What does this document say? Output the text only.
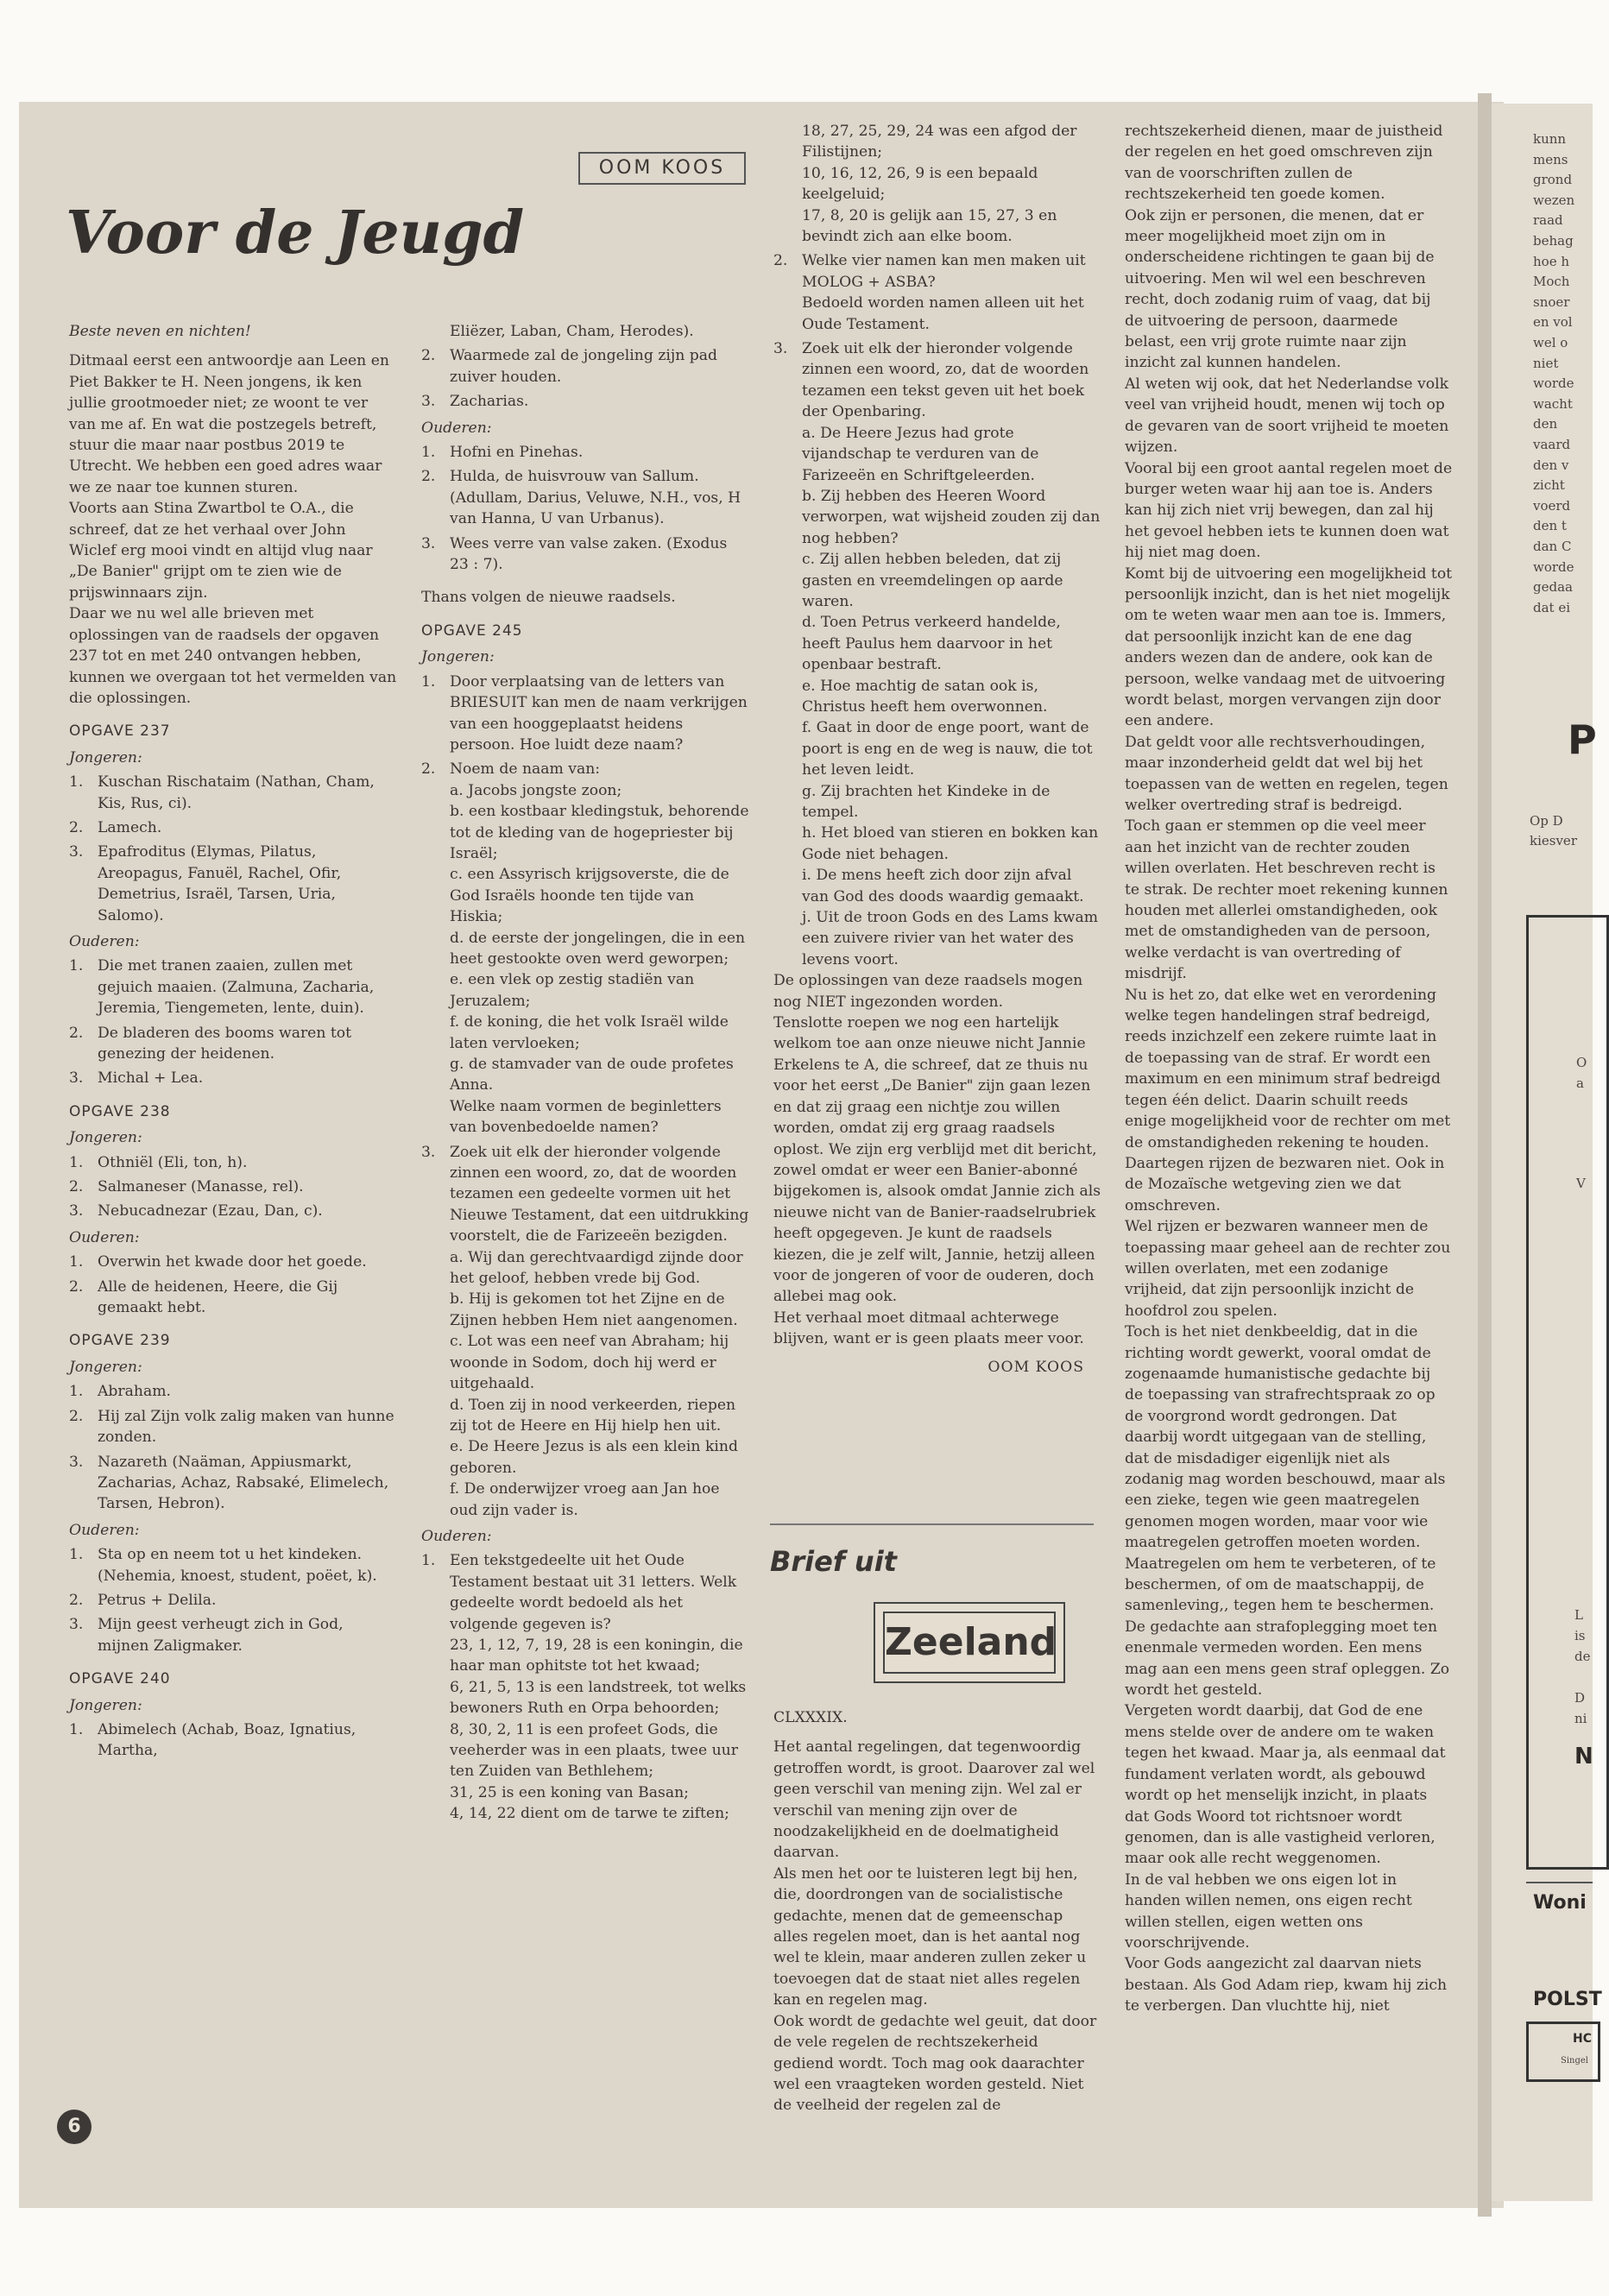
OOM KOOS
Voor de Jeugd

Beste neven en nichten!

Ditmaal eerst een antwoordje aan Leen en Piet Bakker te H. Neen jongens, ik ken jullie grootmoeder niet; ze woont te ver van me af. En wat die postzegels betreft, stuur die maar naar postbus 2019 te Utrecht. We hebben een goed adres waar we ze naar toe kunnen sturen.

Voorts aan Stina Zwartbol te O.A., die schreef, dat ze het verhaal over John Wiclef erg mooi vindt en altijd vlug naar „De Banier" grijpt om te zien wie de prijswinnaars zijn.

Daar we nu wel alle brieven met oplossingen van de raadsels der opgaven 237 tot en met 240 ontvangen hebben, kunnen we overgaan tot het vermelden van die oplossingen.

OPGAVE 237

Jongeren:

1. Kuschan Rischataim (Nathan, Cham, Kis, Rus, ci).

2. Lamech.

3. Epafroditus (Elymas, Pilatus, Areopagus, Fanuël, Rachel, Ofir, Demetrius, Israël, Tarsen, Uria, Salomo).

Ouderen:

1. Die met tranen zaaien, zullen met gejuich maaien. (Zalmuna, Zacharia, Jeremia, Tiengemeten, lente, duin).

2. De bladeren des booms waren tot genezing der heidenen.

3. Michal + Lea.

OPGAVE 238

Jongeren:

1. Othniël (Eli, ton, h).

2. Salmaneser (Manasse, rel).

3. Nebucadnezar (Ezau, Dan, c).

Ouderen:

1. Overwin het kwade door het goede.

2. Alle de heidenen, Heere, die Gij gemaakt hebt.

OPGAVE 239

Jongeren:

1. Abraham.

2. Hij zal Zijn volk zalig maken van hunne zonden.

3. Nazareth (Naäman, Appiusmarkt, Zacharias, Achaz, Rabsaké, Elimelech, Tarsen, Hebron).

Ouderen:

1. Sta op en neem tot u het kindeken. (Nehemia, knoest, student, poëet, k).

2. Petrus + Delila.

3. Mijn geest verheugt zich in God, mijnen Zaligmaker.

OPGAVE 240

Jongeren:

1. Abimelech (Achab, Boaz, Ignatius, Martha,

Eliëzer, Laban, Cham, Herodes).

2. Waarmede zal de jongeling zijn pad zuiver houden.

3. Zacharias.

Ouderen:

1. Hofni en Pinehas.

2. Hulda, de huisvrouw van Sallum. (Adullam, Darius, Veluwe, N.H., vos, H van Hanna, U van Urbanus).

3. Wees verre van valse zaken. (Exodus 23 : 7).

Thans volgen de nieuwe raadsels.

OPGAVE 245

Jongeren:

1. Door verplaatsing van de letters van BRIESUIT kan men de naam verkrijgen van een hooggeplaatst heidens persoon. Hoe luidt deze naam?

2. Noem de naam van:

a. Jacobs jongste zoon;

b. een kostbaar kledingstuk, behorende tot de kleding van de hogepriester bij Israël;

c. een Assyrisch krijgsoverste, die de God Israëls hoonde ten tijde van Hiskia;

d. de eerste der jongelingen, die in een heet gestookte oven werd geworpen;

e. een vlek op zestig stadiën van Jeruzalem;

f. de koning, die het volk Israël wilde laten vervloeken;

g. de stamvader van de oude profetes Anna.

Welke naam vormen de beginletters van bovenbedoelde namen?

3. Zoek uit elk der hieronder volgende zinnen een woord, zo, dat de woorden tezamen een gedeelte vormen uit het Nieuwe Testament, dat een uitdrukking voorstelt, die de Farizeeën bezigden.

a. Wij dan gerechtvaardigd zijnde door het geloof, hebben vrede bij God.

b. Hij is gekomen tot het Zijne en de Zijnen hebben Hem niet aangenomen.

c. Lot was een neef van Abraham; hij woonde in Sodom, doch hij werd er uitgehaald.

d. Toen zij in nood verkeerden, riepen zij tot de Heere en Hij hielp hen uit.

e. De Heere Jezus is als een klein kind geboren.

f. De onderwijzer vroeg aan Jan hoe oud zijn vader is.

Ouderen:

1. Een tekstgedeelte uit het Oude Testament bestaat uit 31 letters. Welk gedeelte wordt bedoeld als het volgende gegeven is?

23, 1, 12, 7, 19, 28 is een koningin, die haar man ophitste tot het kwaad;

6, 21, 5, 13 is een landstreek, tot welks bewoners Ruth en Orpa behoorden;

8, 30, 2, 11 is een profeet Gods, die veeherder was in een plaats, twee uur ten Zuiden van Bethlehem;

31, 25 is een koning van Basan;

4, 14, 22 dient om de tarwe te ziften;

18, 27, 25, 29, 24 was een afgod der Filistijnen;

10, 16, 12, 26, 9 is een bepaald keelgeluid;

17, 8, 20 is gelijk aan 15, 27, 3 en bevindt zich aan elke boom.

2. Welke vier namen kan men maken uit

MOLOG + ASBA?

Bedoeld worden namen alleen uit het Oude Testament.

3. Zoek uit elk der hieronder volgende zinnen een woord, zo, dat de woorden tezamen een tekst geven uit het boek der Openbaring.

a. De Heere Jezus had grote vijandschap te verduren van de Farizeeën en Schriftgeleerden.

b. Zij hebben des Heeren Woord verworpen, wat wijsheid zouden zij dan nog hebben?

c. Zij allen hebben beleden, dat zij gasten en vreemdelingen op aarde waren.

d. Toen Petrus verkeerd handelde, heeft Paulus hem daarvoor in het openbaar bestraft.

e. Hoe machtig de satan ook is, Christus heeft hem overwonnen.

f. Gaat in door de enge poort, want de poort is eng en de weg is nauw, die tot het leven leidt.

g. Zij brachten het Kindeke in de tempel.

h. Het bloed van stieren en bokken kan Gode niet behagen.

i. De mens heeft zich door zijn afval van God des doods waardig gemaakt.

j. Uit de troon Gods en des Lams kwam een zuivere rivier van het water des levens voort.

De oplossingen van deze raadsels mogen nog NIET ingezonden worden.

Tenslotte roepen we nog een hartelijk welkom toe aan onze nieuwe nicht Jannie Erkelens te A, die schreef, dat ze thuis nu voor het eerst „De Banier" zijn gaan lezen en dat zij graag een nichtje zou willen worden, omdat zij erg graag raadsels oplost. We zijn erg verblijd met dit bericht, zowel omdat er weer een Banier-abonné bijgekomen is, alsook omdat Jannie zich als nieuwe nicht van de Banier-raadselrubriek heeft opgegeven. Je kunt de raadsels kiezen, die je zelf wilt, Jannie, hetzij alleen voor de jongeren of voor de ouderen, doch allebei mag ook.

Het verhaal moet ditmaal achterwege blijven, want er is geen plaats meer voor.

OOM KOOS

Brief uit
Zeeland

CLXXXIX.

Het aantal regelingen, dat tegenwoordig getroffen wordt, is groot. Daarover zal wel geen verschil van mening zijn. Wel zal er verschil van mening zijn over de noodzakelijkheid en de doelmatigheid daarvan.

Als men het oor te luisteren legt bij hen, die, doordrongen van de socialistische gedachte, menen dat de gemeenschap alles regelen moet, dan is het aantal nog wel te klein, maar anderen zullen zeker u toevoegen dat de staat niet alles regelen kan en regelen mag.

Ook wordt de gedachte wel geuit, dat door de vele regelen de rechtszekerheid gediend wordt. Toch mag ook daarachter wel een vraagteken worden gesteld. Niet de veelheid der regelen zal de

rechtszekerheid dienen, maar de juistheid der regelen en het goed omschreven zijn van de voorschriften zullen de rechtszekerheid ten goede komen.

Ook zijn er personen, die menen, dat er meer mogelijkheid moet zijn om in onderscheidene richtingen te gaan bij de uitvoering. Men wil wel een beschreven recht, doch zodanig ruim of vaag, dat bij de uitvoering de persoon, daarmede belast, een vrij grote ruimte naar zijn inzicht zal kunnen handelen.

Al weten wij ook, dat het Nederlandse volk veel van vrijheid houdt, menen wij toch op de gevaren van de soort vrijheid te moeten wijzen.

Vooral bij een groot aantal regelen moet de burger weten waar hij aan toe is. Anders kan hij zich niet vrij bewegen, dan zal hij het gevoel hebben iets te kunnen doen wat hij niet mag doen.

Komt bij de uitvoering een mogelijkheid tot persoonlijk inzicht, dan is het niet mogelijk om te weten waar men aan toe is. Immers, dat persoonlijk inzicht kan de ene dag anders wezen dan de andere, ook kan de persoon, welke vandaag met de uitvoering wordt belast, morgen vervangen zijn door een andere.

Dat geldt voor alle rechtsverhoudingen, maar inzonderheid geldt dat wel bij het toepassen van de wetten en regelen, tegen welker overtreding straf is bedreigd.

Toch gaan er stemmen op die veel meer aan het inzicht van de rechter zouden willen overlaten. Het beschreven recht is te strak. De rechter moet rekening kunnen houden met allerlei omstandigheden, ook met de omstandigheden van de persoon, welke verdacht is van overtreding of misdrijf.

Nu is het zo, dat elke wet en verordening welke tegen handelingen straf bedreigd, reeds inzichzelf een zekere ruimte laat in de toepassing van de straf. Er wordt een maximum en een minimum straf bedreigd tegen één delict. Daarin schuilt reeds enige mogelijkheid voor de rechter om met de omstandigheden rekening te houden. Daartegen rijzen de bezwaren niet. Ook in de Mozaïsche wetgeving zien we dat omschreven.

Wel rijzen er bezwaren wanneer men de toepassing maar geheel aan de rechter zou willen overlaten, met een zodanige vrijheid, dat zijn persoonlijk inzicht de hoofdrol zou spelen.

Toch is het niet denkbeeldig, dat in die richting wordt gewerkt, vooral omdat de zogenaamde humanistische gedachte bij de toepassing van strafrechtspraak zo op de voorgrond wordt gedrongen. Dat daarbij wordt uitgegaan van de stelling, dat de misdadiger eigenlijk niet als zodanig mag worden beschouwd, maar als een zieke, tegen wie geen maatregelen genomen mogen worden, maar voor wie maatregelen getroffen moeten worden. Maatregelen om hem te verbeteren, of te beschermen, of om de maatschappij, de samenleving,, tegen hem te beschermen.

De gedachte aan strafoplegging moet ten enenmale vermeden worden. Een mens mag aan een mens geen straf opleggen. Zo wordt het gesteld.

Vergeten wordt daarbij, dat God de ene mens stelde over de andere om te waken tegen het kwaad. Maar ja, als eenmaal dat fundament verlaten wordt, als gebouwd wordt op het menselijk inzicht, in plaats dat Gods Woord tot richtsnoer wordt genomen, dan is alle vastigheid verloren, maar ook alle recht weggenomen.

In de val hebben we ons eigen lot in handen willen nemen, ons eigen recht willen stellen, eigen wetten ons voorschrijvende.

Voor Gods aangezicht zal daarvan niets bestaan. Als God Adam riep, kwam hij zich te verbergen. Dan vluchtte hij, niet

6
kunn
mens
grond
wezen
raad
behag
hoe h
Moch
snoer
en vol
wel o
niet
worde
wacht
den
vaard
den v
zicht
voerd
den t
dan C
worde
gedaa
dat ei
P
Op D
kiesver
O
a
V
L
is
de
D
ni
N
Woni
POLST
HC
Singel
